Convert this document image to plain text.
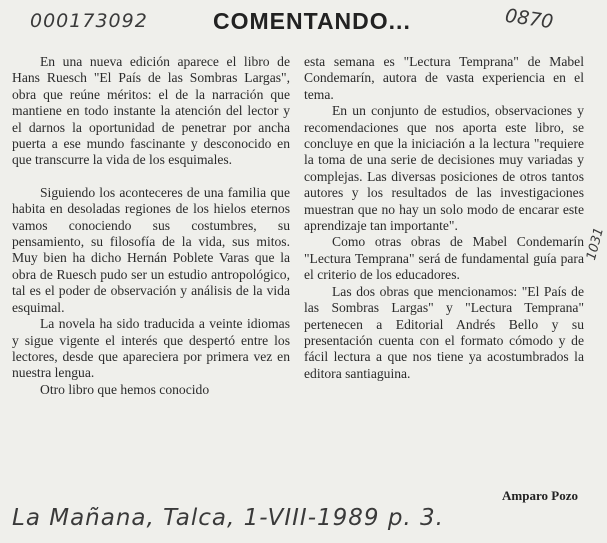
000173092	0870
1031
COMENTANDO...

En una nueva edición aparece el libro de Hans Ruesch "El País de las Sombras Largas", obra que reúne méritos: el de la narración que mantiene en todo instante la atención del lector y el darnos la oportunidad de penetrar por ancha puerta a ese mundo fascinante y desconocido en que transcurre la vida de los esquimales.

Siguiendo los aconteceres de una familia que habita en desoladas regiones de los hielos eternos vamos conociendo sus costumbres, su pensamiento, su filosofía de la vida, sus mitos. Muy bien ha dicho Hernán Poblete Varas que la obra de Ruesch pudo ser un estudio antropológico, tal es el poder de observación y análisis de la vida esquimal.

La novela ha sido traducida a veinte idiomas y sigue vigente el interés que despertó entre los lectores, desde que apareciera por primera vez en nuestra lengua.

Otro libro que hemos conocido

esta semana es "Lectura Temprana" de Mabel Condemarín, autora de vasta experiencia en el tema.

En un conjunto de estudios, observaciones y recomendaciones que nos aporta este libro, se concluye en que la iniciación a la lectura "requiere la toma de una serie de decisiones muy variadas y complejas. Las diversas posiciones de otros tantos autores y los resultados de las investigaciones muestran que no hay un solo modo de encarar este aprendizaje tan importante".

Como otras obras de Mabel Condemarín "Lectura Temprana" será de fundamental guía para el criterio de los educadores.

Las dos obras que mencionamos: "El País de las Sombras Largas" y "Lectura Temprana" pertenecen a Editorial Andrés Bello y su presentación cuenta con el formato cómodo y de fácil lectura a que nos tiene ya acostumbrados la editora santiaguina.

Amparo Pozo
La Mañana, Talca, 1-VIII-1989 p. 3.
